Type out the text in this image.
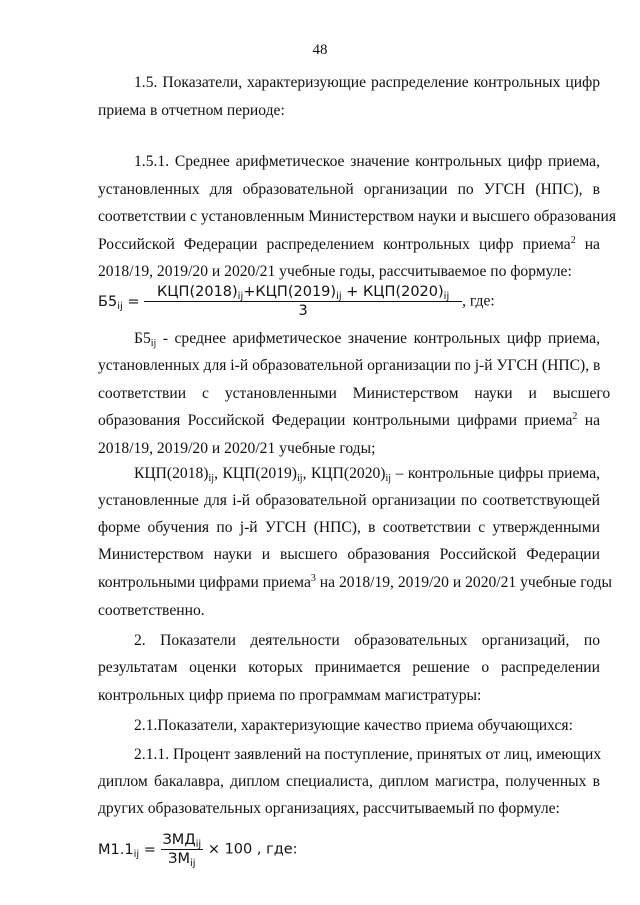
48
1.5. Показатели, характеризующие распределение контрольных цифр
приема в отчетном периоде:
1.5.1. Среднее арифметическое значение контрольных цифр приема,
установленных для образовательной организации по УГСН (НПС), в
соответствии с установленным Министерством науки и высшего образования
Российской Федерации распределением контрольных цифр приема$^2$ на
2018/19, 2019/20 и 2020/21 учебные годы, рассчитываемое по формуле:
$Б5_{ij} = \frac{КЦП(2018)_{ij}+КЦП(2019)_{ij} + КЦП(2020)_{ij}}{3}$ , где:
$Б5_{ij}$ - среднее арифметическое значение контрольных цифр приема,
установленных для i-й образовательной организации по j-й УГСН (НПС), в
соответствии с установленными Министерством науки и высшего
образования Российской Федерации контрольными цифрами приема$^2$ на
2018/19, 2019/20 и 2020/21 учебные годы;
$КЦП(2018)_{ij}$, $КЦП(2019)_{ij}$, $КЦП(2020)_{ij}$ – контрольные цифры приема,
установленные для i-й образовательной организации по соответствующей
форме обучения по j-й УГСН (НПС), в соответствии с утвержденными
Министерством науки и высшего образования Российской Федерации
контрольными цифрами приема$^3$ на 2018/19, 2019/20 и 2020/21 учебные годы
соответственно.
2. Показатели деятельности образовательных организаций, по
результатам оценки которых принимается решение о распределении
контрольных цифр приема по программам магистратуры:
2.1.Показатели, характеризующие качество приема обучающихся:
2.1.1. Процент заявлений на поступление, принятых от лиц, имеющих
диплом бакалавра, диплом специалиста, диплом магистра, полученных в
других образовательных организациях, рассчитываемый по формуле:
$М1.1_{ij} = \frac{ЗМД_{ij}}{ЗМ_{ij}} \times 100$ , где:
